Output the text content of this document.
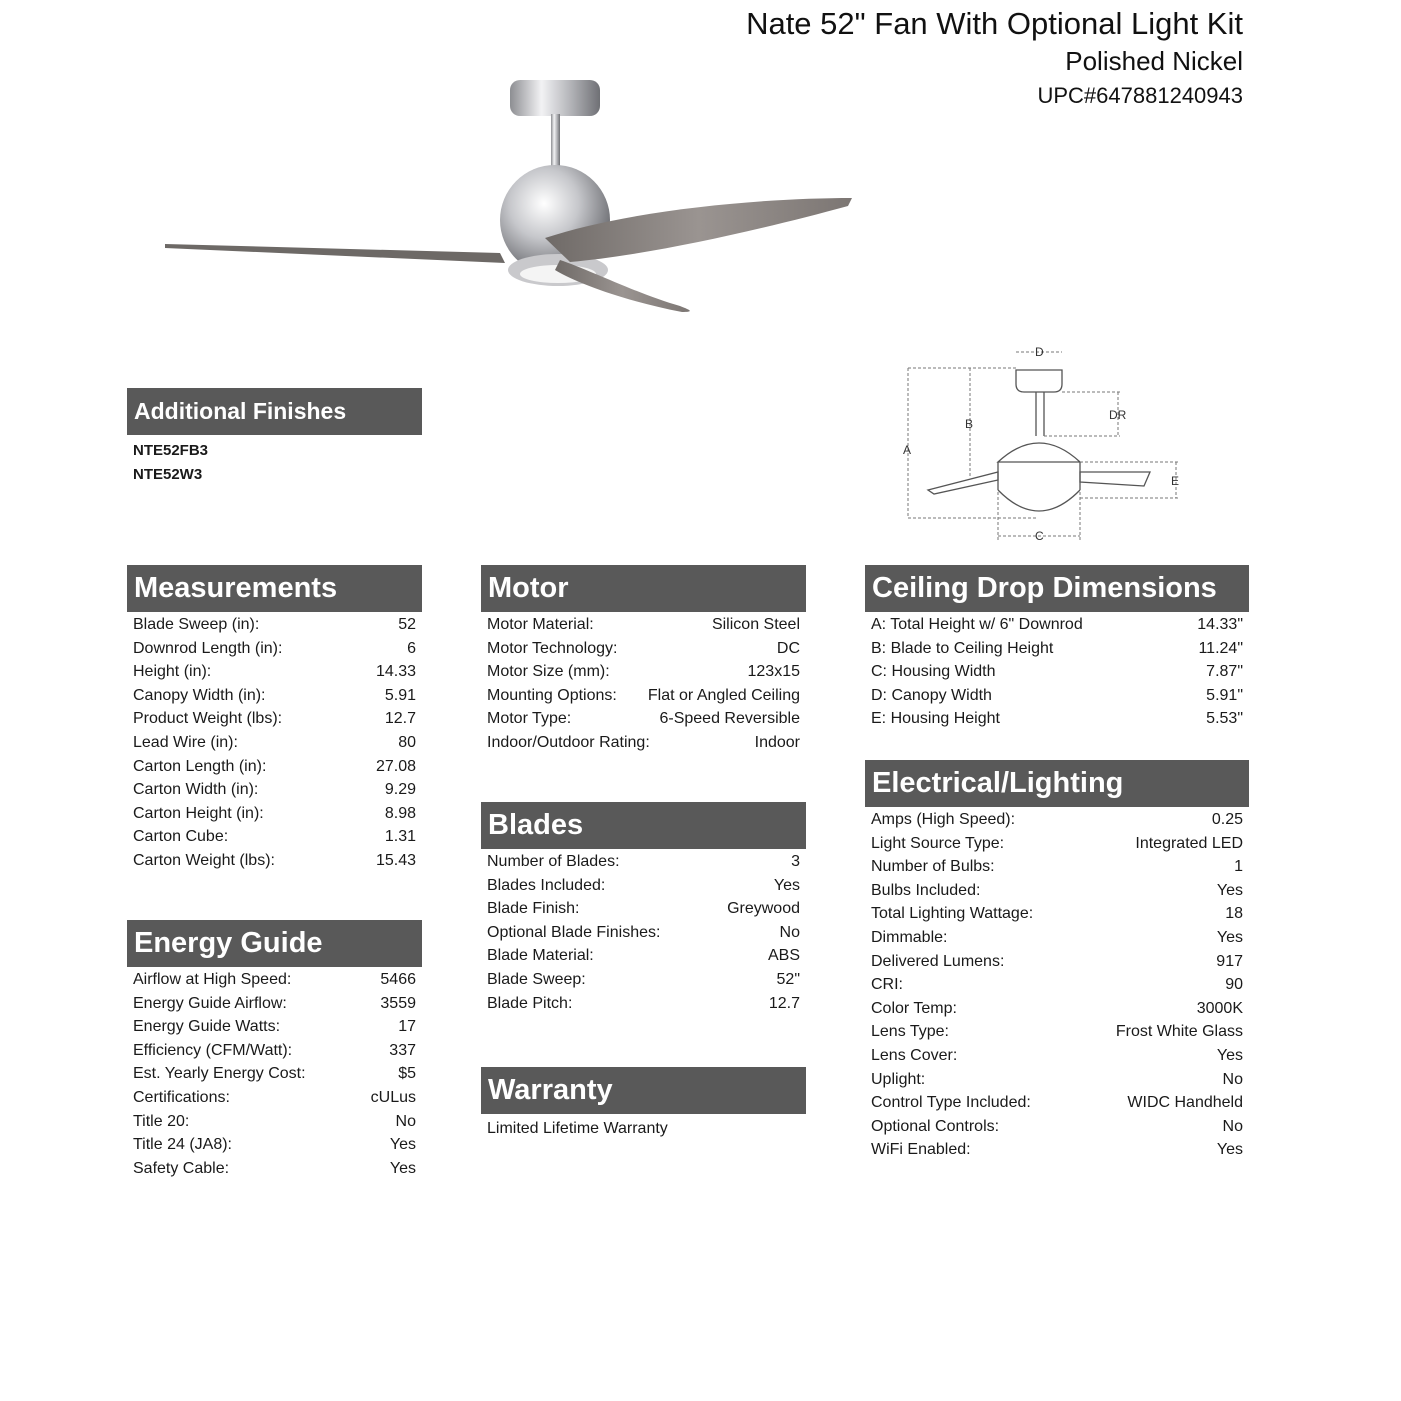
Nate 52" Fan With Optional Light Kit
Polished Nickel
UPC#647881240943
D
A
B
DR
E
C
Additional Finishes
NTE52FB3
NTE52W3
Measurements
Blade Sweep (in):	52
Downrod Length (in):	6
Height (in):	14.33
Canopy Width (in):	5.91
Product Weight (lbs):	12.7
Lead Wire (in):	80
Carton Length (in):	27.08
Carton Width (in):	9.29
Carton Height (in):	8.98
Carton Cube:	1.31
Carton Weight (lbs):	15.43
Energy Guide
Airflow at High Speed:	5466
Energy Guide Airflow:	3559
Energy Guide Watts:	17
Efficiency (CFM/Watt):	337
Est. Yearly Energy Cost:	$5
Certifications:	cULus
Title 20:	No
Title 24 (JA8):	Yes
Safety Cable:	Yes
Motor
Motor Material:	Silicon Steel
Motor Technology:	DC
Motor Size (mm):	123x15
Mounting Options: Flat or Angled Ceiling
Motor Type:	6-Speed Reversible
Indoor/Outdoor Rating:	Indoor
Blades
Number of Blades:	3
Blades Included:	Yes
Blade Finish:	Greywood
Optional Blade Finishes:	No
Blade Material:	ABS
Blade Sweep:	52"
Blade Pitch:	12.7
Warranty
Limited Lifetime Warranty
Ceiling Drop Dimensions
A: Total Height w/ 6" Downrod	14.33"
B: Blade to Ceiling Height	11.24"
C: Housing Width	7.87"
D: Canopy Width	5.91"
E: Housing Height	5.53"
Electrical/Lighting
Amps (High Speed):	0.25
Light Source Type:	Integrated LED
Number of Bulbs:	1
Bulbs Included:	Yes
Total Lighting Wattage:	18
Dimmable:	Yes
Delivered Lumens:	917
CRI:	90
Color Temp:	3000K
Lens Type:	Frost White Glass
Lens Cover:	Yes
Uplight:	No
Control Type Included:	WIDC Handheld
Optional Controls:	No
WiFi Enabled:	Yes
